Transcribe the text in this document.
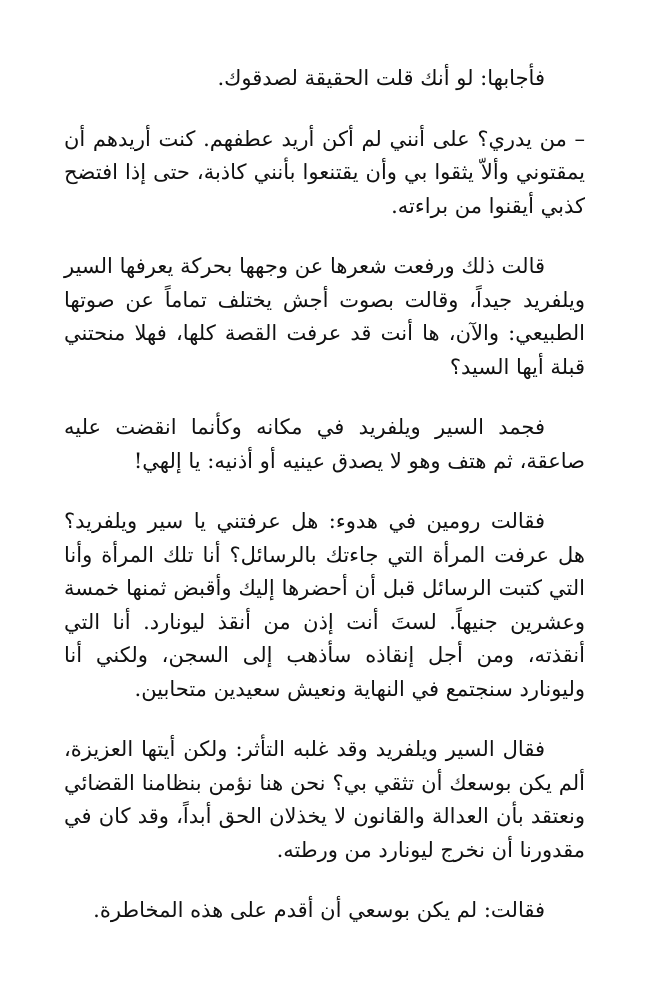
فأجابها: لو أنك قلت الحقيقة لصدقوك.

– من يدري؟ على أنني لم أكن أريد عطفهم. كنت أريدهم أن يمقتوني وألاّ يثقوا بي وأن يقتنعوا بأنني كاذبة، حتى إذا افتضح كذبي أيقنوا من براءته.

قالت ذلك ورفعت شعرها عن وجهها بحركة يعرفها السير ويلفريد جيداً، وقالت بصوت أجش يختلف تماماً عن صوتها الطبيعي: والآن، ها أنت قد عرفت القصة كلها، فهلا منحتني قبلة أيها السيد؟

فجمد السير ويلفريد في مكانه وكأنما انقضت عليه صاعقة، ثم هتف وهو لا يصدق عينيه أو أذنيه: يا إلهي!

فقالت رومين في هدوء: هل عرفتني يا سير ويلفريد؟ هل عرفت المرأة التي جاءتك بالرسائل؟ أنا تلك المرأة وأنا التي كتبت الرسائل قبل أن أحضرها إليك وأقبض ثمنها خمسة وعشرين جنيهاً. لستَ أنت إذن من أنقذ ليونارد. أنا التي أنقذته، ومن أجل إنقاذه سأذهب إلى السجن، ولكني أنا وليونارد سنجتمع في النهاية ونعيش سعيدين متحابين.

فقال السير ويلفريد وقد غلبه التأثر: ولكن أيتها العزيزة، ألم يكن بوسعك أن تثقي بي؟ نحن هنا نؤمن بنظامنا القضائي ونعتقد بأن العدالة والقانون لا يخذلان الحق أبداً، وقد كان في مقدورنا أن نخرج ليونارد من ورطته.

فقالت: لم يكن بوسعي أن أقدم على هذه المخاطرة.
